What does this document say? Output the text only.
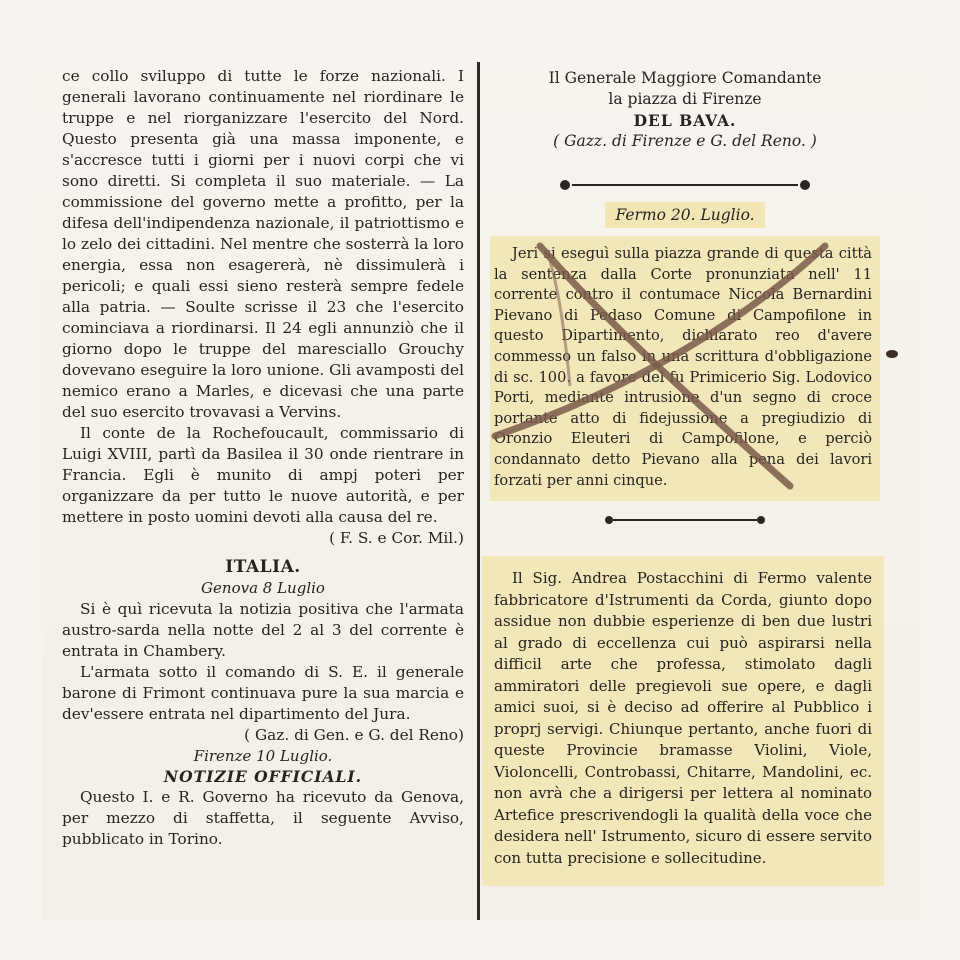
ce collo sviluppo di tutte le forze nazionali. I generali lavorano continuamente nel riordinare le truppe e nel riorganizzare l'esercito del Nord. Questo presenta già una massa imponente, e s'accresce tutti i giorni per i nuovi corpi che vi sono diretti. Si completa il suo materiale. — La commissione del governo mette a profitto, per la difesa dell'indipendenza nazionale, il patriottismo e lo zelo dei cittadini. Nel mentre che sosterrà la loro energia, essa non esagererà, nè dissimulerà i pericoli; e quali essi sieno resterà sempre fedele alla patria. — Soulte scrisse il 23 che l'esercito cominciava a riordinarsi. Il 24 egli annunziò che il giorno dopo le truppe del maresciallo Grouchy dovevano eseguire la loro unione. Gli avamposti del nemico erano a Marles, e dicevasi che una parte del suo esercito trovavasi a Vervins.

Il conte de la Rochefoucault, commissario di Luigi XVIII, partì da Basilea il 30 onde rientrare in Francia. Egli è munito di ampj poteri per organizzare da per tutto le nuove autorità, e per mettere in posto uomini devoti alla causa del re.

( F. S. e Cor. Mil.)

ITALIA.
Genova 8 Luglio

Si è quì ricevuta la notizia positiva che l'armata austro-sarda nella notte del 2 al 3 del corrente è entrata in Chambery.

L'armata sotto il comando di S. E. il generale barone di Frimont continuava pure la sua marcia e dev'essere entrata nel dipartimento del Jura.

( Gaz. di Gen. e G. del Reno)

Firenze 10 Luglio.
NOTIZIE OFFICIALI.

Questo I. e R. Governo ha ricevuto da Genova, per mezzo di staffetta, il seguente Avviso, pubblicato in Torino.

Il Generale Maggiore Comandante
la piazza di Firenze
DEL BAVA.
( Gazz. di Firenze e G. del Reno. )
Fermo 20. Luglio.

Jeri si eseguì sulla piazza grande di questa città la sentenza dalla Corte pronunziata nell' 11 corrente contro il contumace Niccola Bernardini Pievano di Pedaso Comune di Campofilone in questo Dipartimento, dichiarato reo d'avere commesso un falso in una scrittura d'obbligazione di sc. 100. a favore del fu Primicerio Sig. Lodovico Porti, mediante intrusione d'un segno di croce portante atto di fidejussione a pregiudizio di Oronzio Eleuteri di Campofilone, e perciò condannato detto Pievano alla pena dei lavori forzati per anni cinque.

Il Sig. Andrea Postacchini di Fermo valente fabbricatore d'Istrumenti da Corda, giunto dopo assidue non dubbie esperienze di ben due lustri al grado di eccellenza cui può aspirarsi nella difficil arte che professa, stimolato dagli ammiratori delle pregievoli sue opere, e dagli amici suoi, si è deciso ad offerire al Pubblico i proprj servigi. Chiunque pertanto, anche fuori di queste Provincie bramasse Violini, Viole, Violoncelli, Controbassi, Chitarre, Mandolini, ec. non avrà che a dirigersi per lettera al nominato Artefice prescrivendogli la qualità della voce che desidera nell' Istrumento, sicuro di essere servito con tutta precisione e sollecitudine.
